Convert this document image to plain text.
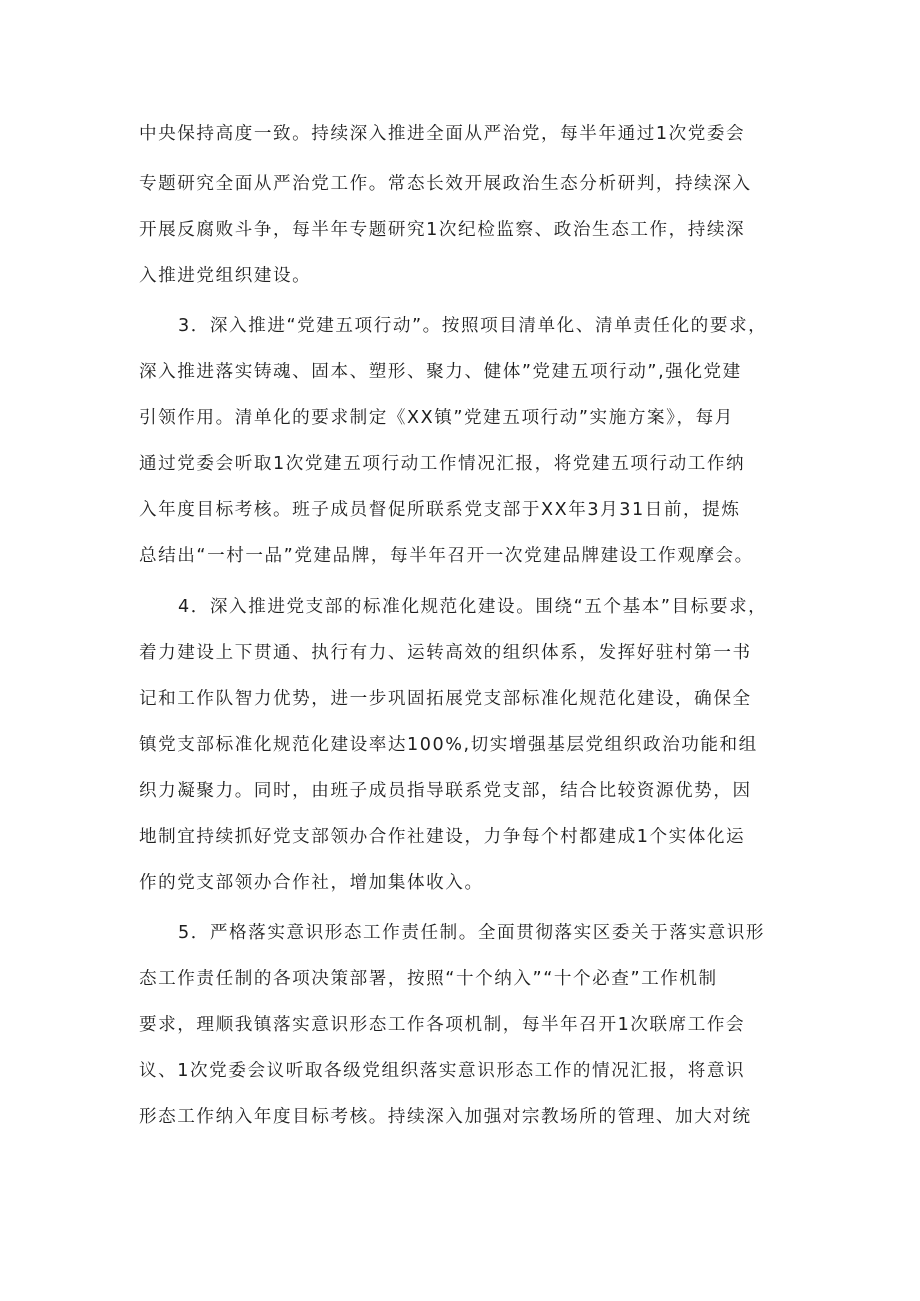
中央保持高度一致。持续深入推进全面从严治党，每半年通过1次党委会
专题研究全面从严治党工作。常态长效开展政治生态分析研判，持续深入
开展反腐败斗争，每半年专题研究1次纪检监察、政治生态工作，持续深
入推进党组织建设。
3．深入推进“党建五项行动”。按照项目清单化、清单责任化的要求，
深入推进落实铸魂、固本、塑形、聚力、健体”党建五项行动”,强化党建
引领作用。清单化的要求制定《XX镇”党建五项行动”实施方案》，每月
通过党委会听取1次党建五项行动工作情况汇报，将党建五项行动工作纳
入年度目标考核。班子成员督促所联系党支部于XX年3月31日前，提炼
总结出“一村一品”党建品牌，每半年召开一次党建品牌建设工作观摩会。
4．深入推进党支部的标准化规范化建设。围绕“五个基本”目标要求，
着力建设上下贯通、执行有力、运转高效的组织体系，发挥好驻村第一书
记和工作队智力优势，进一步巩固拓展党支部标准化规范化建设，确保全
镇党支部标准化规范化建设率达100%,切实增强基层党组织政治功能和组
织力凝聚力。同时，由班子成员指导联系党支部，结合比较资源优势，因
地制宜持续抓好党支部领办合作社建设，力争每个村都建成1个实体化运
作的党支部领办合作社，增加集体收入。
5．严格落实意识形态工作责任制。全面贯彻落实区委关于落实意识形
态工作责任制的各项决策部署，按照“十个纳入”“十个必查”工作机制
要求，理顺我镇落实意识形态工作各项机制，每半年召开1次联席工作会
议、1次党委会议听取各级党组织落实意识形态工作的情况汇报，将意识
形态工作纳入年度目标考核。持续深入加强对宗教场所的管理、加大对统
